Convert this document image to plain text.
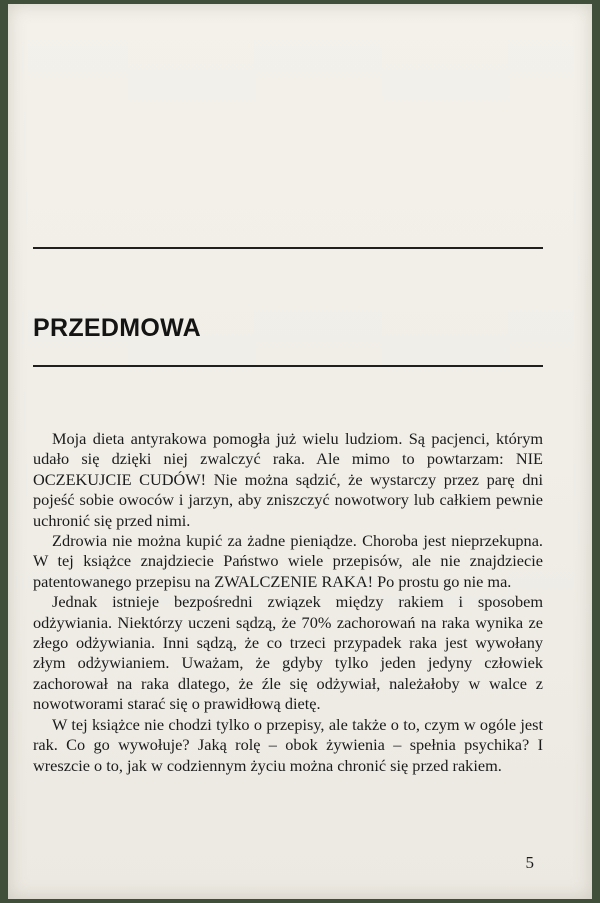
PRZEDMOWA

Moja dieta antyrakowa pomogła już wielu ludziom. Są pacjenci, którym udało się dzięki niej zwalczyć raka. Ale mimo to powtarzam: NIE OCZEKUJCIE CUDÓW! Nie można sądzić, że wystarczy przez parę dni pojeść sobie owoców i jarzyn, aby zniszczyć nowotwory lub całkiem pewnie uchronić się przed nimi.

Zdrowia nie można kupić za żadne pieniądze. Choroba jest nieprzekupna. W tej książce znajdziecie Państwo wiele przepisów, ale nie znajdziecie patentowanego przepisu na ZWALCZENIE RAKA! Po prostu go nie ma.

Jednak istnieje bezpośredni związek między rakiem i sposobem odżywiania. Niektórzy uczeni sądzą, że 70% zachorowań na raka wynika ze złego odżywiania. Inni sądzą, że co trzeci przypadek raka jest wywołany złym odżywianiem. Uważam, że gdyby tylko jeden jedyny człowiek zachorował na raka dlatego, że źle się odżywiał, należałoby w walce z nowotworami starać się o prawidłową dietę.

W tej książce nie chodzi tylko o przepisy, ale także o to, czym w ogóle jest rak. Co go wywołuje? Jaką rolę – obok żywienia – spełnia psychika? I wreszcie o to, jak w codziennym życiu można chronić się przed rakiem.

5
